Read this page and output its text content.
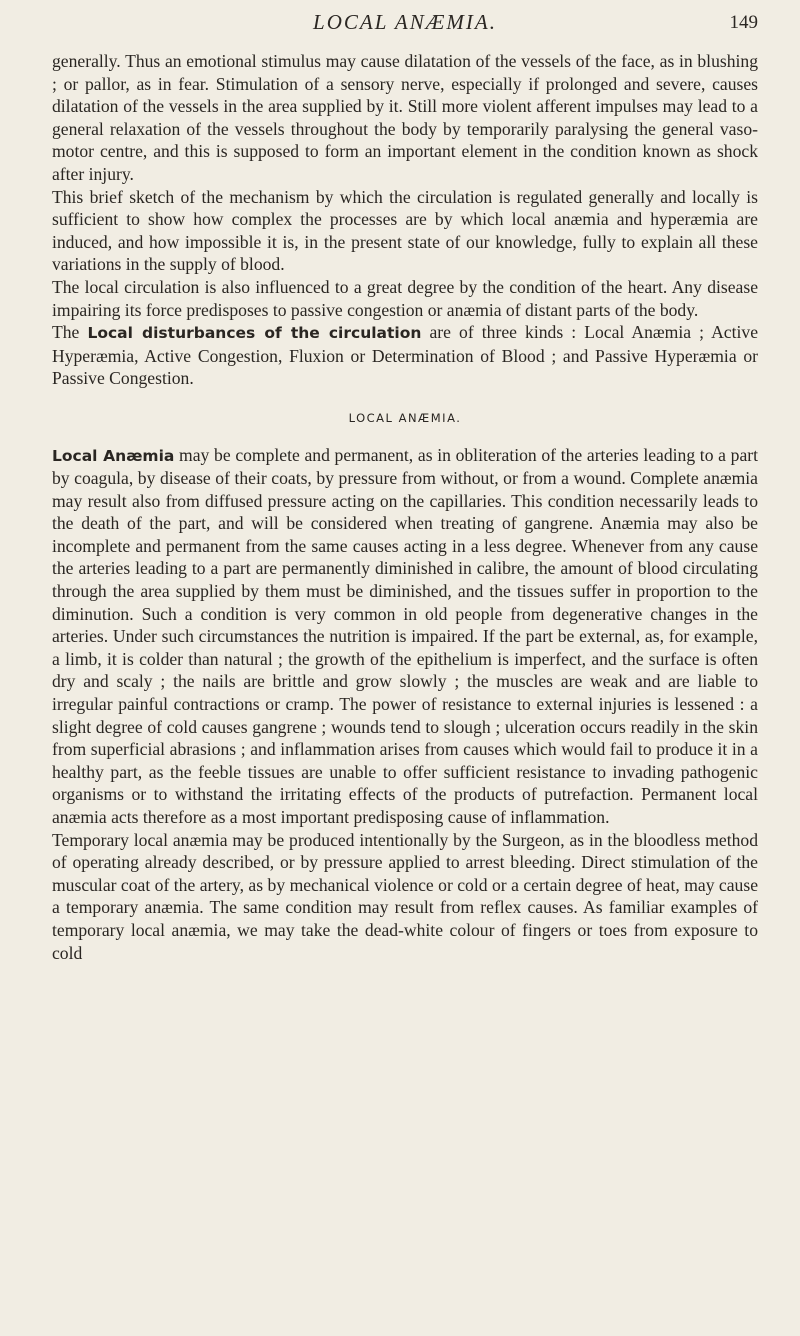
LOCAL ANÆMIA.	149

generally. Thus an emotional stimulus may cause dilatation of the vessels of the face, as in blushing ; or pallor, as in fear. Stimulation of a sensory nerve, especially if prolonged and severe, causes dilatation of the vessels in the area supplied by it. Still more violent afferent impulses may lead to a general relaxation of the vessels throughout the body by temporarily paralysing the general vaso-motor centre, and this is supposed to form an important element in the condition known as shock after injury.

This brief sketch of the mechanism by which the circulation is regulated generally and locally is sufficient to show how complex the processes are by which local anæmia and hyperæmia are induced, and how impossible it is, in the present state of our knowledge, fully to explain all these variations in the supply of blood.

The local circulation is also influenced to a great degree by the condition of the heart. Any disease impairing its force predisposes to passive congestion or anæmia of distant parts of the body.

The Local disturbances of the circulation are of three kinds : Local Anæmia ; Active Hyperæmia, Active Congestion, Fluxion or Determination of Blood ; and Passive Hyperæmia or Passive Congestion.

LOCAL ANÆMIA.

Local Anæmia may be complete and permanent, as in obliteration of the arteries leading to a part by coagula, by disease of their coats, by pressure from without, or from a wound. Complete anæmia may result also from diffused pressure acting on the capillaries. This condition necessarily leads to the death of the part, and will be considered when treating of gangrene. Anæmia may also be incomplete and permanent from the same causes acting in a less degree. Whenever from any cause the arteries leading to a part are permanently diminished in calibre, the amount of blood circulating through the area supplied by them must be diminished, and the tissues suffer in proportion to the diminution. Such a condition is very common in old people from degenerative changes in the arteries. Under such circumstances the nutrition is impaired. If the part be external, as, for example, a limb, it is colder than natural ; the growth of the epithelium is imperfect, and the surface is often dry and scaly ; the nails are brittle and grow slowly ; the muscles are weak and are liable to irregular painful contractions or cramp. The power of resistance to external injuries is lessened : a slight degree of cold causes gangrene ; wounds tend to slough ; ulceration occurs readily in the skin from superficial abrasions ; and inflammation arises from causes which would fail to produce it in a healthy part, as the feeble tissues are unable to offer sufficient resistance to invading pathogenic organisms or to withstand the irritating effects of the products of putrefaction. Permanent local anæmia acts therefore as a most important predisposing cause of inflammation.

Temporary local anæmia may be produced intentionally by the Surgeon, as in the bloodless method of operating already described, or by pressure applied to arrest bleeding. Direct stimulation of the muscular coat of the artery, as by mechanical violence or cold or a certain degree of heat, may cause a temporary anæmia. The same condition may result from reflex causes. As familiar examples of temporary local anæmia, we may take the dead-white colour of fingers or toes from exposure to cold
